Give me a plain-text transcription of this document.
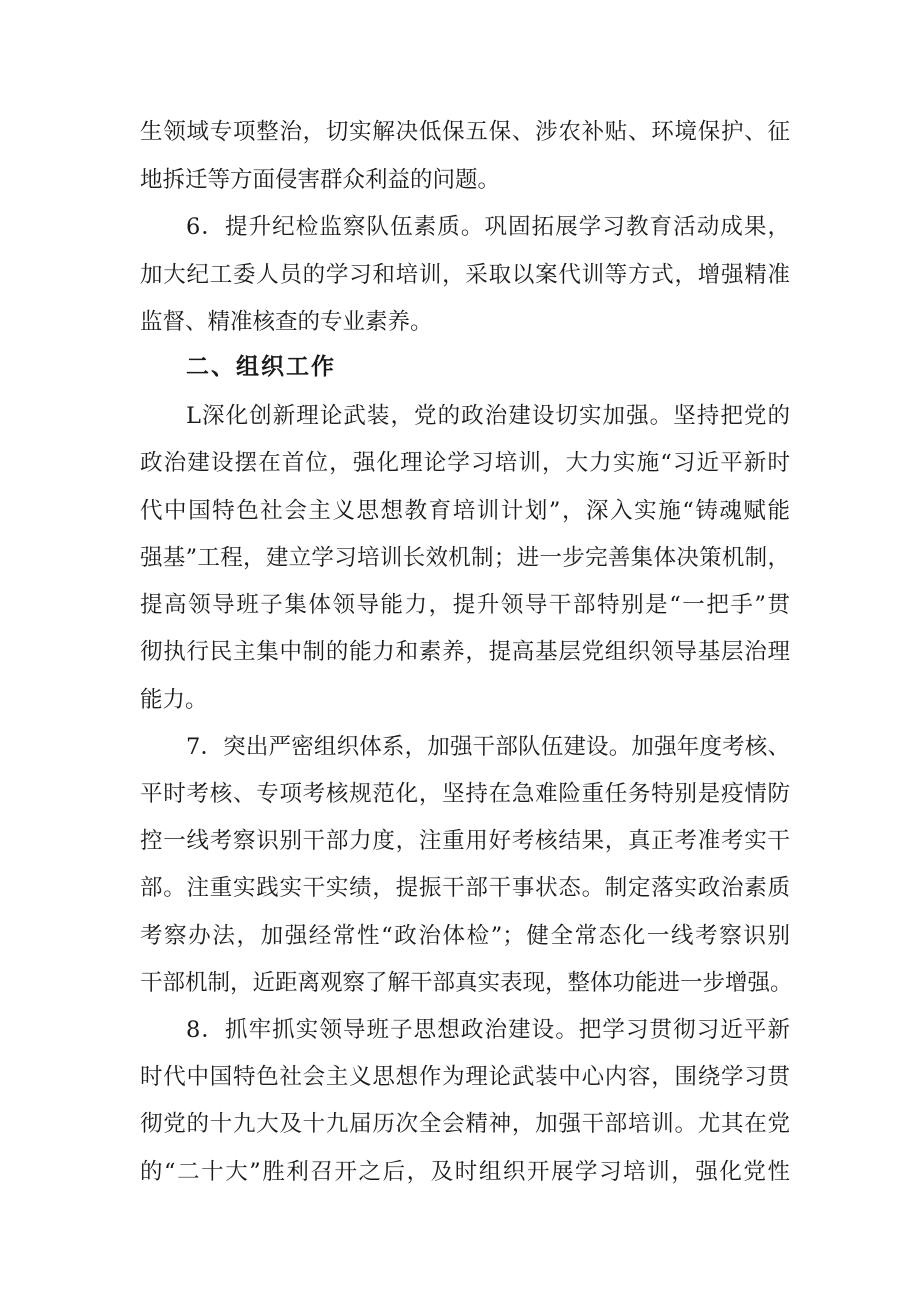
生领域专项整治，切实解决低保五保、涉农补贴、环境保护、征
地拆迁等方面侵害群众利益的问题。
6．提升纪检监察队伍素质。巩固拓展学习教育活动成果，
加大纪工委人员的学习和培训，采取以案代训等方式，增强精准
监督、精准核查的专业素养。
二、组织工作
L深化创新理论武装，党的政治建设切实加强。坚持把党的
政治建设摆在首位，强化理论学习培训，大力实施“习近平新时
代中国特色社会主义思想教育培训计划”，深入实施“铸魂赋能
强基”工程，建立学习培训长效机制；进一步完善集体决策机制，
提高领导班子集体领导能力，提升领导干部特别是“一把手”贯
彻执行民主集中制的能力和素养，提高基层党组织领导基层治理
能力。
7．突出严密组织体系，加强干部队伍建设。加强年度考核、
平时考核、专项考核规范化，坚持在急难险重任务特别是疫情防
控一线考察识别干部力度，注重用好考核结果，真正考准考实干
部。注重实践实干实绩，提振干部干事状态。制定落实政治素质
考察办法，加强经常性“政治体检”；健全常态化一线考察识别
干部机制，近距离观察了解干部真实表现，整体功能进一步增强。
8．抓牢抓实领导班子思想政治建设。把学习贯彻习近平新
时代中国特色社会主义思想作为理论武装中心内容，围绕学习贯
彻党的十九大及十九届历次全会精神，加强干部培训。尤其在党
的“二十大”胜利召开之后，及时组织开展学习培训，强化党性
